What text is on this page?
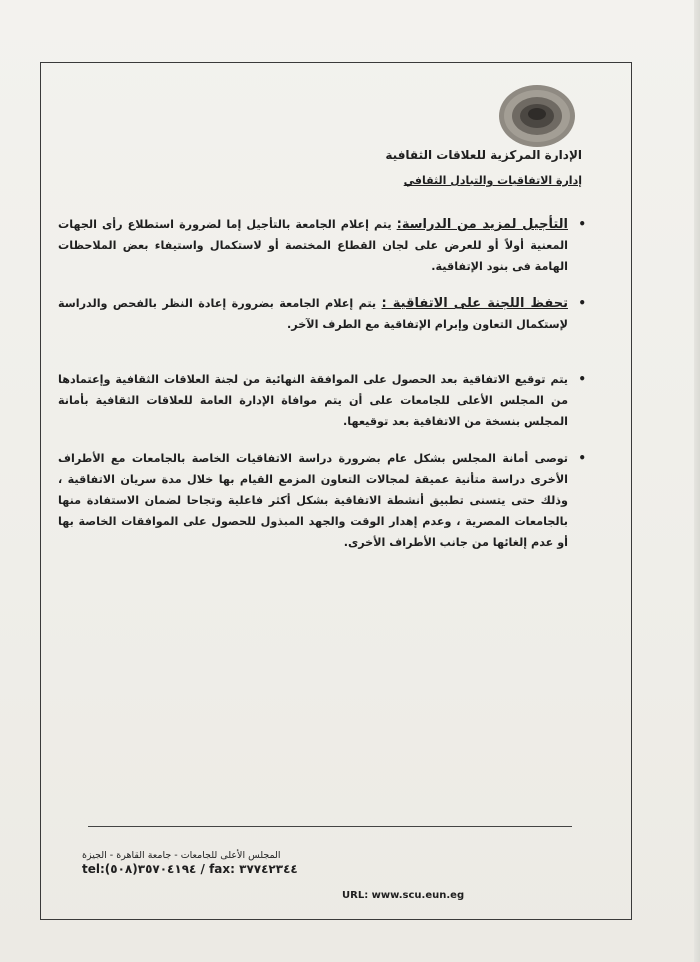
الإدارة المركزية للعلاقات الثقافية
إدارة الاتفاقيات والتبادل الثقافي
•

التأجيل لمزيد من الدراسة: يتم إعلام الجامعة بالتأجيل إما لضرورة استطلاع رأى الجهات المعنية أولاً أو للعرض على لجان القطاع المختصة أو لاستكمال واستيفاء بعض الملاحظات الهامة فى بنود الإتفاقية.

•

تحفظ اللجنة على الاتفاقية : يتم إعلام الجامعة بضرورة إعادة النظر بالفحص والدراسة لإستكمال التعاون وإبرام الإتفاقية مع الطرف الآخر.

•

يتم توقيع الاتفاقية بعد الحصول على الموافقة النهائية من لجنة العلاقات الثقافية وإعتمادها من المجلس الأعلى للجامعات على أن يتم موافاة الإدارة العامة للعلاقات الثقافية بأمانة المجلس بنسخة من الاتفاقية بعد توقيعها.

•

توصى أمانة المجلس بشكل عام بضرورة دراسة الاتفاقيات الخاصة بالجامعات مع الأطراف الأخرى دراسة متأنية عميقة لمجالات التعاون المزمع القيام بها خلال مدة سريان الاتفاقية ، وذلك حتى يتسنى تطبيق أنشطة الاتفاقية بشكل أكثر فاعلية وتجاحا لضمان الاستفادة منها بالجامعات المصرية ، وعدم إهدار الوقت والجهد المبذول للحصول على الموافقات الخاصة بها أو عدم إلغائها من جانب الأطراف الأخرى.

المجلس الأعلى للجامعات - جامعة القاهرة - الجيزة
tel:٣٥٧٠٤١٩٤(٥٠٨) / fax: ٣٧٧٤٢٣٤٤
URL: www.scu.eun.eg
